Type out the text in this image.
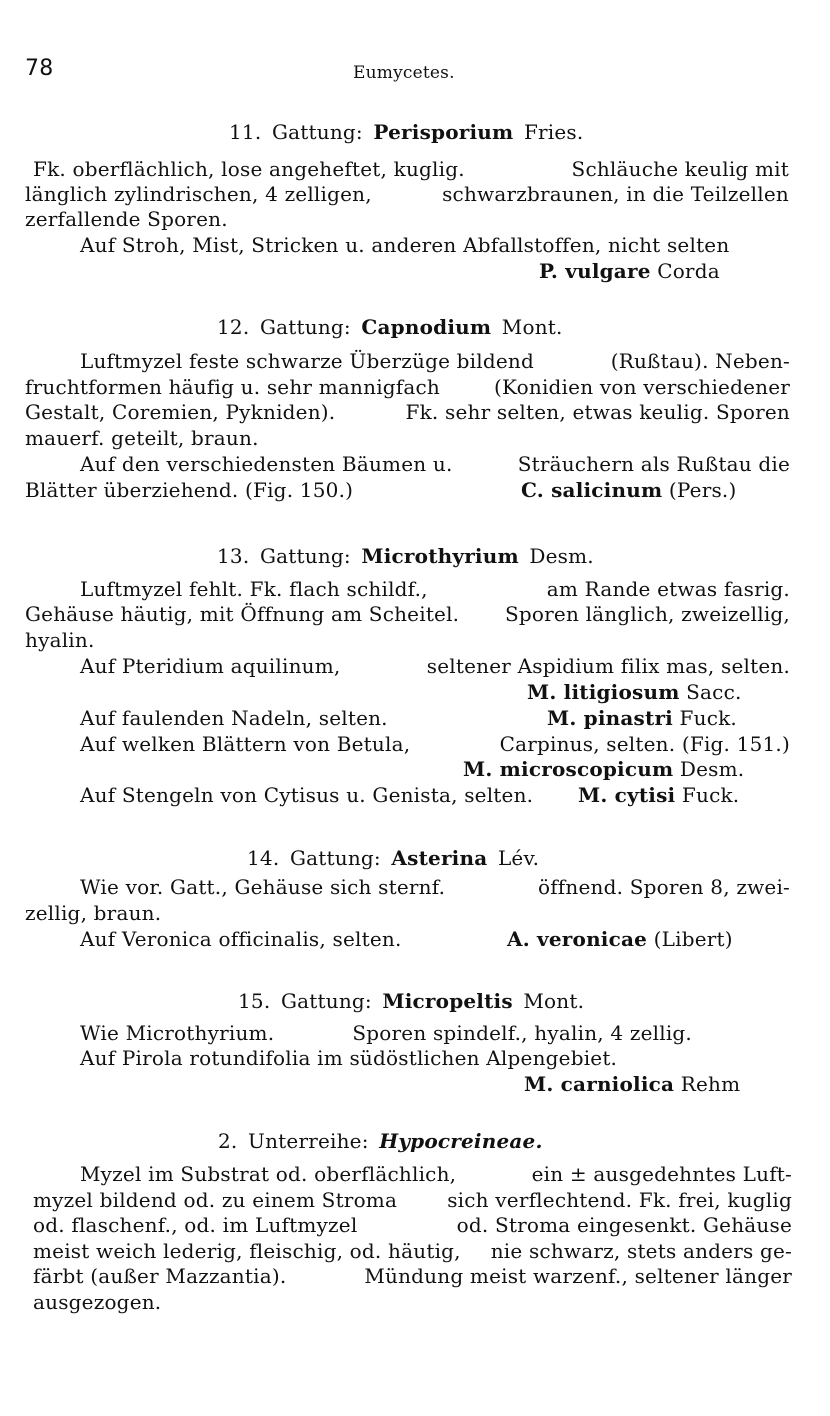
78	Eumycetes.
11. Gattung: Perisporium Fries.
Fk. oberflächlich, lose angeheftet, kuglig.	Schläuche keulig mit
länglich zylindrischen, 4 zelligen,	schwarzbraunen, in die Teilzellen
zerfallende Sporen.
Auf Stroh, Mist, Stricken u. anderen Abfallstoffen, nicht selten
P. vulgare Corda
12. Gattung: Capnodium Mont.
Luftmyzel feste schwarze Überzüge bildend	(Rußtau). Neben-
fruchtformen häufig u. sehr mannigfach	(Konidien von verschiedener
Gestalt, Coremien, Pykniden).	Fk. sehr selten, etwas keulig. Sporen
mauerf. geteilt, braun.
Auf den verschiedensten Bäumen u.	Sträuchern als Rußtau die
Blätter überziehend. (Fig. 150.)	C. salicinum (Pers.)
13. Gattung: Microthyrium Desm.
Luftmyzel fehlt. Fk. flach schildf.,	am Rande etwas fasrig.
Gehäuse häutig, mit Öffnung am Scheitel. Sporen länglich, zweizellig,
hyalin.
Auf Pteridium aquilinum,	seltener Aspidium filix mas, selten.
M. litigiosum Sacc.
Auf faulenden Nadeln, selten.	M. pinastri Fuck.
Auf welken Blättern von Betula,	Carpinus, selten. (Fig. 151.)
M. microscopicum Desm.
Auf Stengeln von Cytisus u. Genista, selten. M. cytisi Fuck.
14. Gattung: Asterina Lév.
Wie vor. Gatt., Gehäuse sich sternf.	öffnend. Sporen 8, zwei-
zellig, braun.
Auf Veronica officinalis, selten.	A. veronicae (Libert)
15. Gattung: Micropeltis Mont.
Wie Microthyrium.	Sporen spindelf., hyalin, 4 zellig.
Auf Pirola rotundifolia im südöstlichen Alpengebiet.
M. carniolica Rehm
2. Unterreihe: Hypocreineae.
Myzel im Substrat od. oberflächlich,	ein ± ausgedehntes Luft-
myzel bildend od. zu einem Stroma	sich verflechtend. Fk. frei, kuglig
od. flaschenf., od. im Luftmyzel	od. Stroma eingesenkt. Gehäuse
meist weich lederig, fleischig, od. häutig, nie schwarz, stets anders ge-
färbt (außer Mazzantia).	Mündung meist warzenf., seltener länger
ausgezogen.
